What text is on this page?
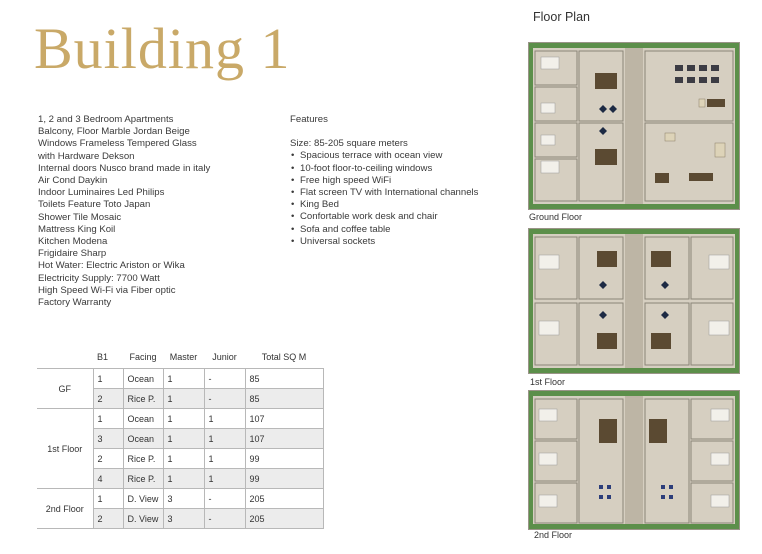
Building 1
1, 2 and 3 Bedroom Apartments
Balcony, Floor Marble Jordan Beige
Windows Frameless Tempered Glass
with Hardware Dekson
Internal doors Nusco brand made in italy
Air Cond Daykin
Indoor Luminaires Led Philips
Toilets Feature Toto Japan
Shower Tile Mosaic
Mattress King Koil
Kitchen Modena
Frigidaire Sharp
Hot Water: Electric Ariston or Wika
Electricity Supply: 7700 Watt
High Speed Wi-Fi via Fiber optic
Factory Warranty
Features
Size: 85-205 square meters
• Spacious terrace with ocean view
• 10-foot floor-to-ceiling windows
• Free high speed WiFi
• Flat screen TV with International channels
• King Bed
• Confortable work desk and chair
• Sofa and coffee table
• Universal sockets
	B1	Facing	Master	Junior	Total SQ M
GF	1	Ocean	1	-	85
	2	Rice P.	1	-	85
1st Floor	1	Ocean	1	1	107
	3	Ocean	1	1	107
	2	Rice P.	1	1	99
	4	Rice P.	1	1	99
2nd Floor	1	D. View	3	-	205
	2	D. View	3	-	205
Floor Plan
Ground Floor
1st Floor
2nd Floor
